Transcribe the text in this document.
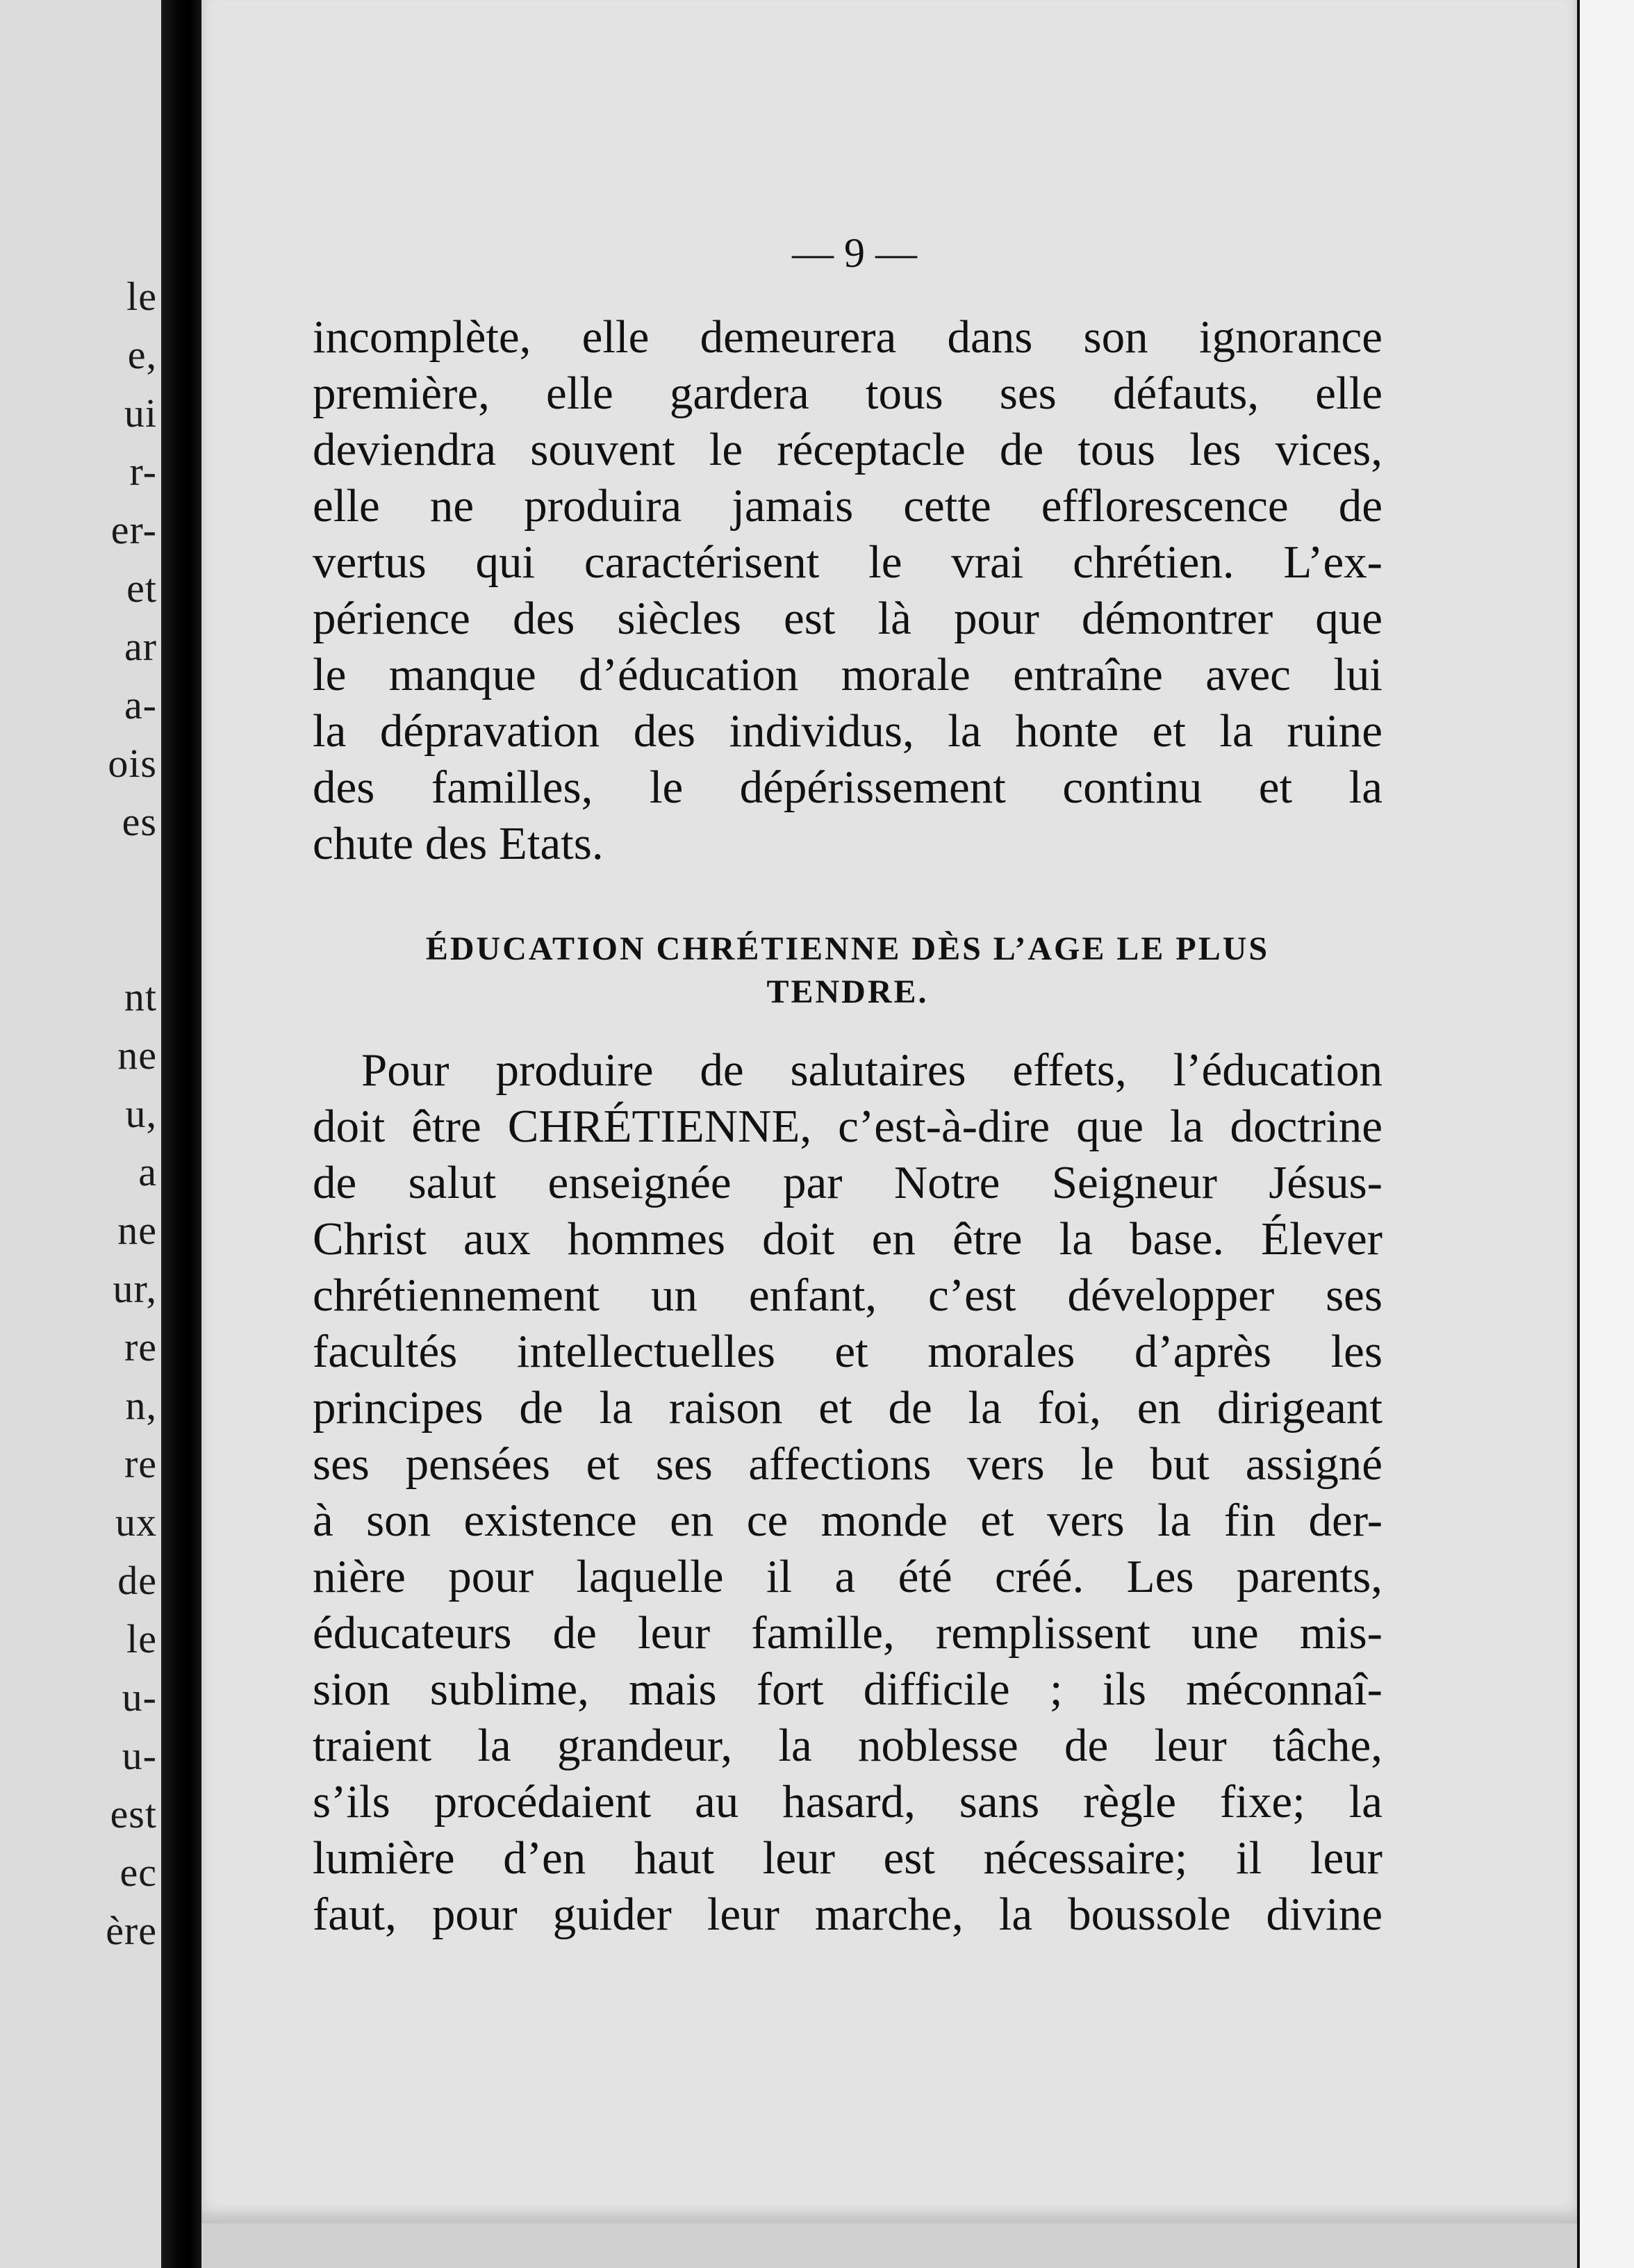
le
e,
ui
r-
er-
et
ar
a-
ois
es
nt
ne
u,
a
ne
ur,
re
n,
re
ux
de
le
u-
u-
est
ec
ère
— 9 —
incomplète, elle demeurera dans son ignorance
première, elle gardera tous ses défauts, elle
deviendra souvent le réceptacle de tous les vices,
elle ne produira jamais cette efflorescence de
vertus qui caractérisent le vrai chrétien. L’ex-
périence des siècles est là pour démontrer que
le manque d’éducation morale entraîne avec lui
la dépravation des individus, la honte et la ruine
des familles, le dépérissement continu et la
chute des Etats.
ÉDUCATION CHRÉTIENNE DÈS L’AGE LE PLUS
TENDRE.
Pour produire de salutaires effets, l’éducation
doit être CHRÉTIENNE, c’est-à-dire que la doctrine
de salut enseignée par Notre Seigneur Jésus-
Christ aux hommes doit en être la base. Élever
chrétiennement un enfant, c’est développer ses
facultés intellectuelles et morales d’après les
principes de la raison et de la foi, en dirigeant
ses pensées et ses affections vers le but assigné
à son existence en ce monde et vers la fin der-
nière pour laquelle il a été créé. Les parents,
éducateurs de leur famille, remplissent une mis-
sion sublime, mais fort difficile ; ils méconnaî-
traient la grandeur, la noblesse de leur tâche,
s’ils procédaient au hasard, sans règle fixe; la
lumière d’en haut leur est nécessaire; il leur
faut, pour guider leur marche, la boussole divine
